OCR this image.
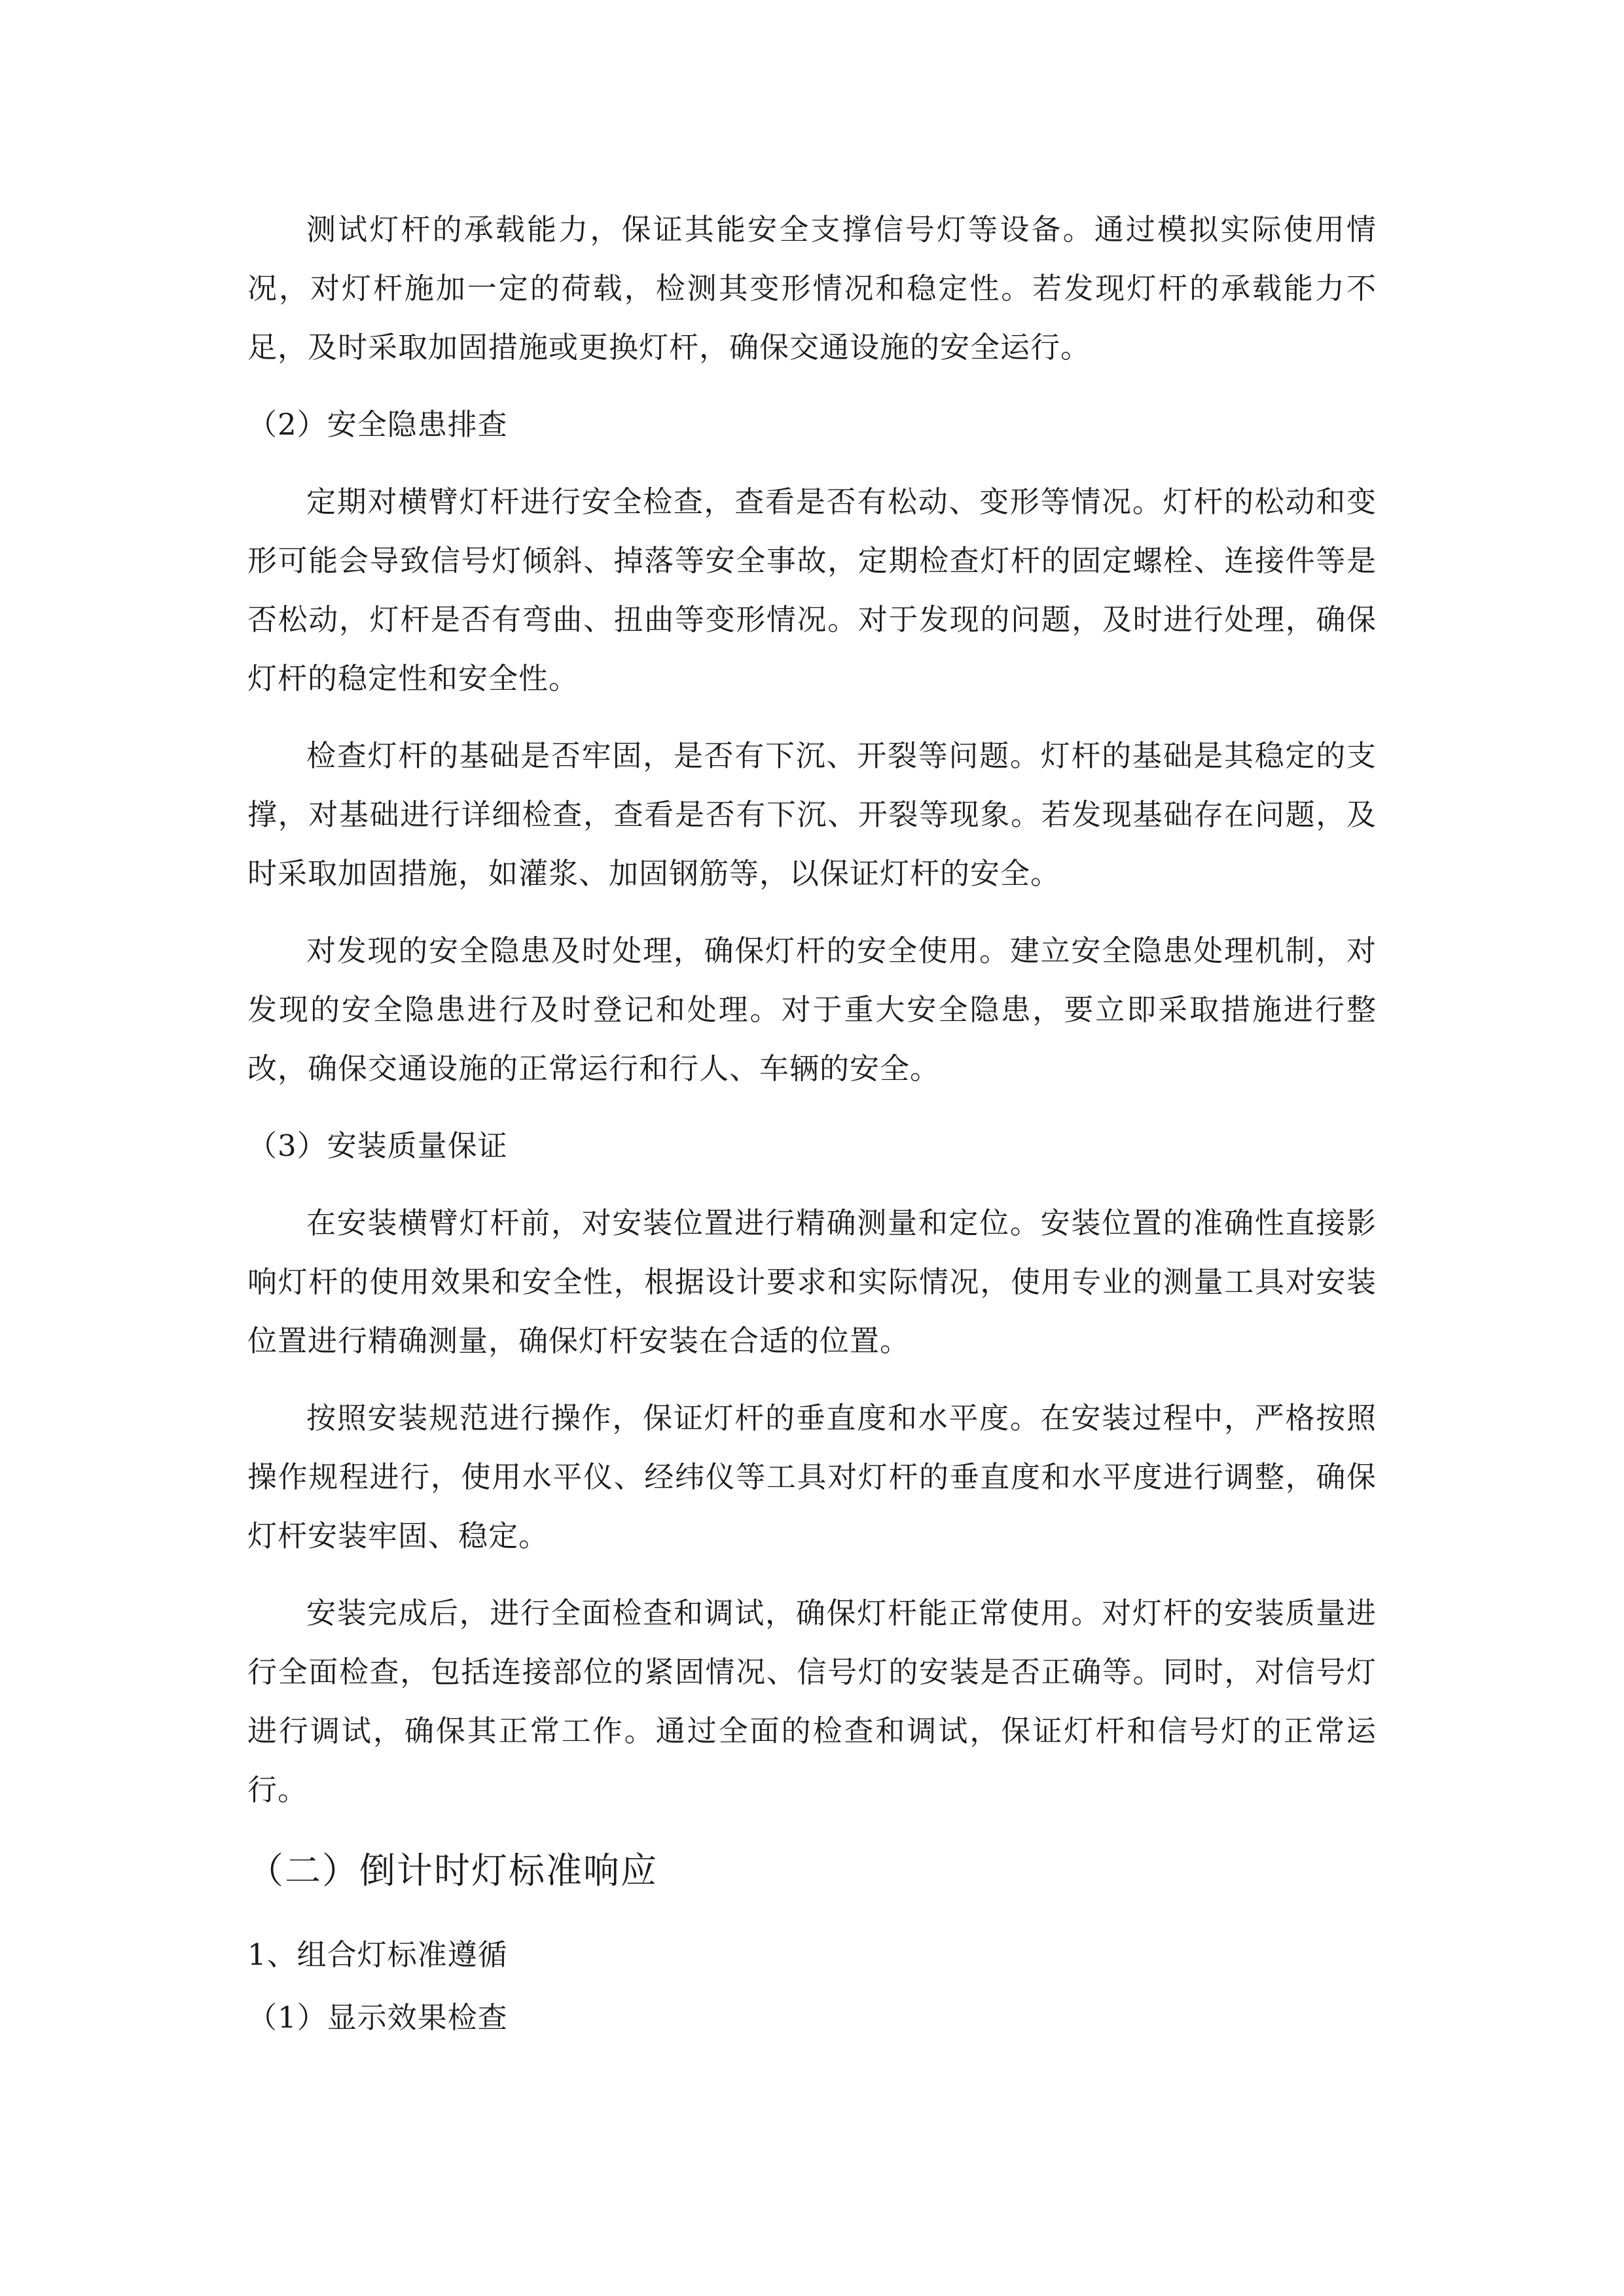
测试灯杆的承载能力，保证其能安全支撑信号灯等设备。通过模拟实际使用情况，对灯杆施加一定的荷载，检测其变形情况和稳定性。若发现灯杆的承载能力不足，及时采取加固措施或更换灯杆，确保交通设施的安全运行。

（2）安全隐患排查

定期对横臂灯杆进行安全检查，查看是否有松动、变形等情况。灯杆的松动和变形可能会导致信号灯倾斜、掉落等安全事故，定期检查灯杆的固定螺栓、连接件等是否松动，灯杆是否有弯曲、扭曲等变形情况。对于发现的问题，及时进行处理，确保灯杆的稳定性和安全性。

检查灯杆的基础是否牢固，是否有下沉、开裂等问题。灯杆的基础是其稳定的支撑，对基础进行详细检查，查看是否有下沉、开裂等现象。若发现基础存在问题，及时采取加固措施，如灌浆、加固钢筋等，以保证灯杆的安全。

对发现的安全隐患及时处理，确保灯杆的安全使用。建立安全隐患处理机制，对发现的安全隐患进行及时登记和处理。对于重大安全隐患，要立即采取措施进行整改，确保交通设施的正常运行和行人、车辆的安全。

（3）安装质量保证

在安装横臂灯杆前，对安装位置进行精确测量和定位。安装位置的准确性直接影响灯杆的使用效果和安全性，根据设计要求和实际情况，使用专业的测量工具对安装位置进行精确测量，确保灯杆安装在合适的位置。

按照安装规范进行操作，保证灯杆的垂直度和水平度。在安装过程中，严格按照操作规程进行，使用水平仪、经纬仪等工具对灯杆的垂直度和水平度进行调整，确保灯杆安装牢固、稳定。

安装完成后，进行全面检查和调试，确保灯杆能正常使用。对灯杆的安装质量进行全面检查，包括连接部位的紧固情况、信号灯的安装是否正确等。同时，对信号灯进行调试，确保其正常工作。通过全面的检查和调试，保证灯杆和信号灯的正常运行。

（二）倒计时灯标准响应
1、组合灯标准遵循
（1）显示效果检查
